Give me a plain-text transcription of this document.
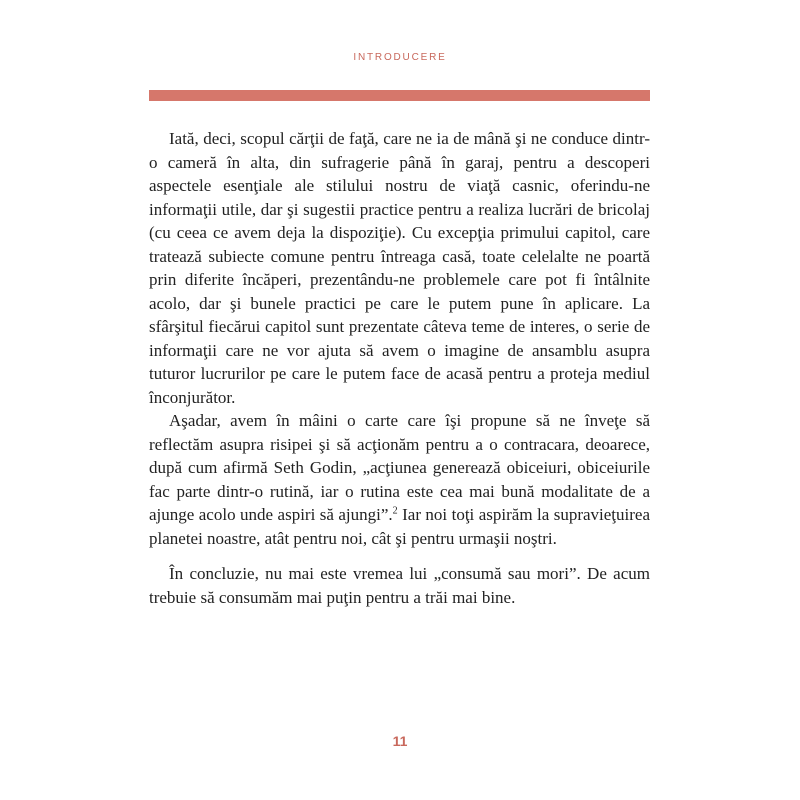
INTRODUCERE

Iată, deci, scopul cărţii de faţă, care ne ia de mână şi ne conduce dintr-o cameră în alta, din sufragerie până în garaj, pentru a descoperi aspectele esenţiale ale stilului nostru de viaţă casnic, oferindu-ne informaţii utile, dar şi sugestii practice pentru a realiza lucrări de bricolaj (cu ceea ce avem deja la dispoziţie). Cu excepţia primului capitol, care tratează subiecte comune pentru întreaga casă, toate celelalte ne poartă prin diferite încăperi, prezentându-ne problemele care pot fi întâlnite acolo, dar şi bunele practici pe care le putem pune în aplicare. La sfârşitul fiecărui capitol sunt prezentate câteva teme de interes, o serie de informaţii care ne vor ajuta să avem o imagine de ansamblu asupra tuturor lucrurilor pe care le putem face de acasă pentru a proteja mediul înconjurător.

Aşadar, avem în mâini o carte care îşi propune să ne înveţe să reflectăm asupra risipei şi să acţionăm pentru a o contracara, deoarece, după cum afirmă Seth Godin, „acţiunea generează obiceiuri, obiceiurile fac parte dintr-o rutină, iar o rutina este cea mai bună modalitate de a ajunge acolo unde aspiri să ajungi”.$^2$ Iar noi toţi aspirăm la supravieţuirea planetei noastre, atât pentru noi, cât şi pentru urmaşii noştri.

În concluzie, nu mai este vremea lui „consumă sau mori”. De acum trebuie să consumăm mai puţin pentru a trăi mai bine.

11
